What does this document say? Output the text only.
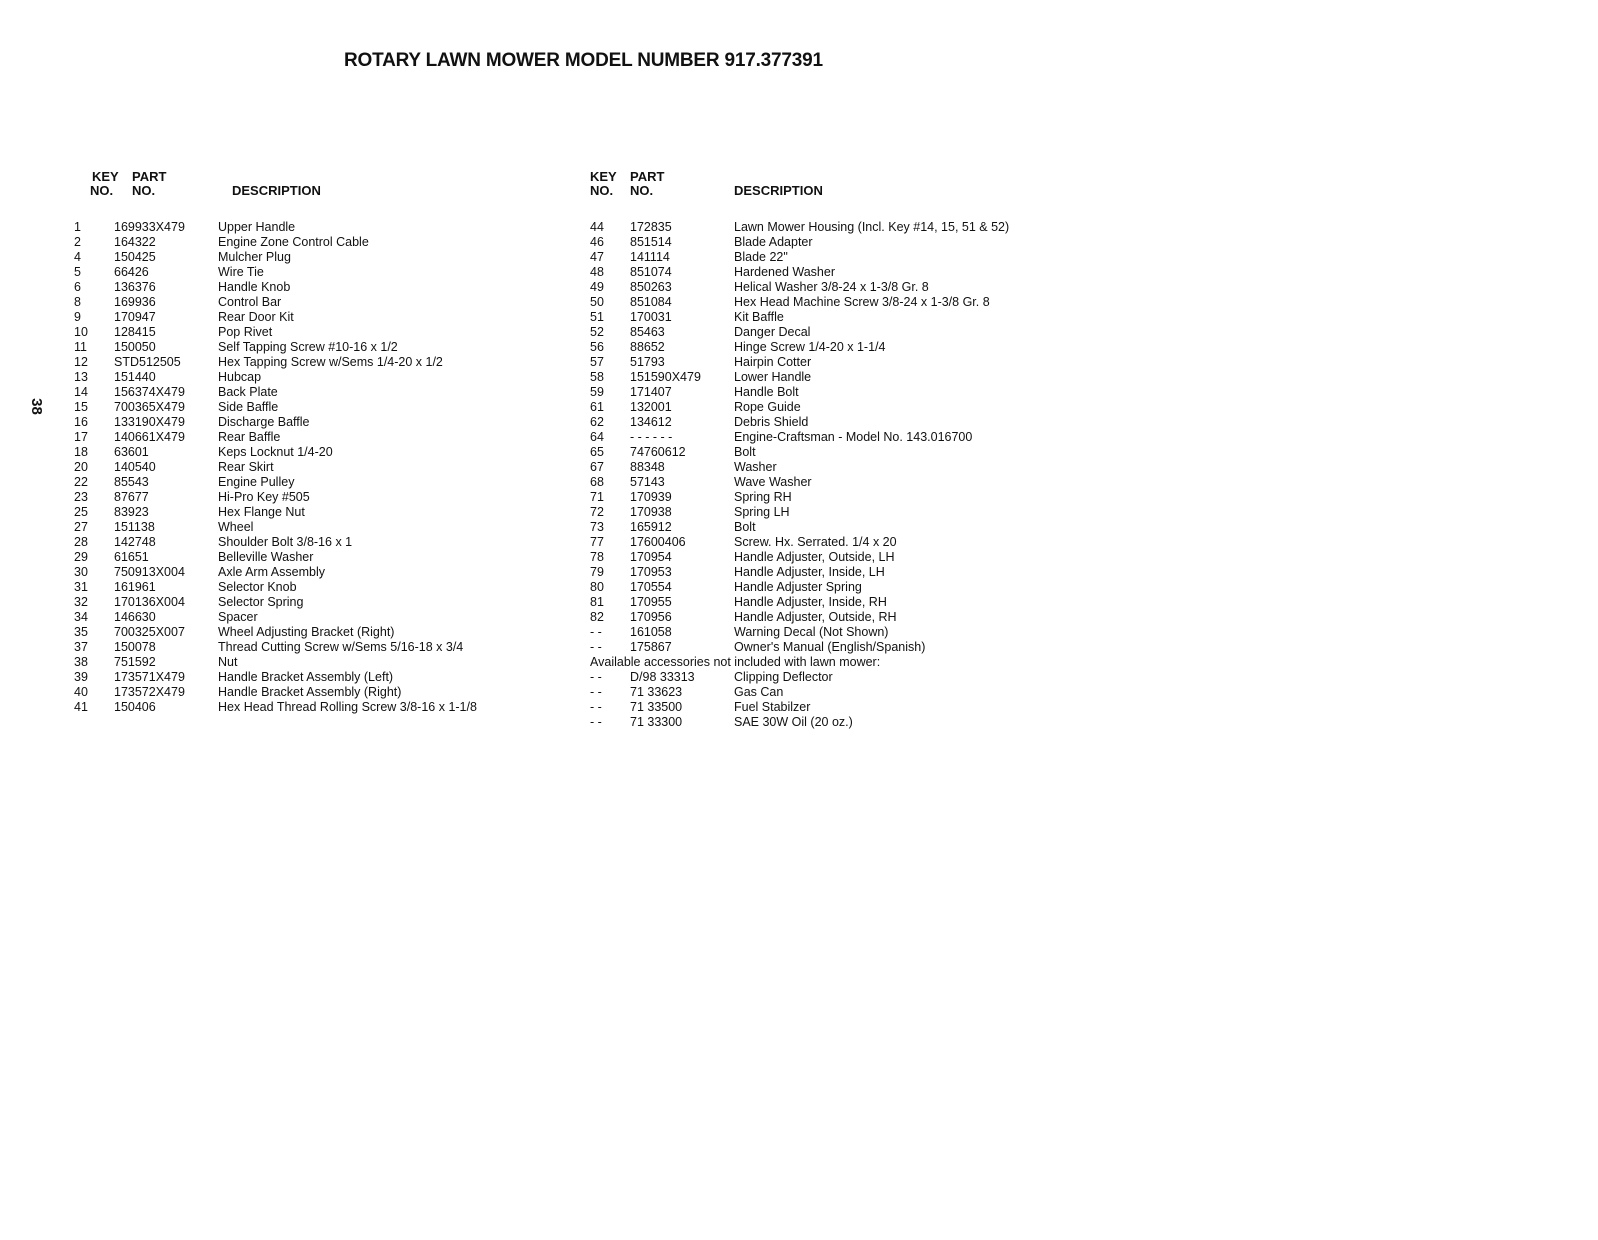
ROTARY LAWN MOWER MODEL NUMBER 917.377391
38
KEY
NO.
PART
NO.	DESCRIPTION
1	169933X479	Upper Handle
2	164322	Engine Zone Control Cable
4	150425	Mulcher Plug
5	66426	Wire Tie
6	136376	Handle Knob
8	169936	Control Bar
9	170947	Rear Door Kit
10 128415	Pop Rivet
11 150050	Self Tapping Screw #10-16 x 1/2
12 STD512505	Hex Tapping Screw w/Sems 1/4-20 x 1/2
13 151440	Hubcap
14 156374X479	Back Plate
15 700365X479	Side Baffle
16 133190X479	Discharge Baffle
17 140661X479	Rear Baffle
18 63601	Keps Locknut 1/4-20
20 140540	Rear Skirt
22 85543	Engine Pulley
23 87677	Hi-Pro Key #505
25 83923	Hex Flange Nut
27 151138	Wheel
28 142748	Shoulder Bolt 3/8-16 x 1
29 61651	Belleville Washer
30 750913X004	Axle Arm Assembly
31 161961	Selector Knob
32 170136X004	Selector Spring
34 146630	Spacer
35 700325X007	Wheel Adjusting Bracket (Right)
37 150078	Thread Cutting Screw w/Sems 5/16-18 x 3/4
38 751592	Nut
39 173571X479	Handle Bracket Assembly (Left)
40 173572X479	Handle Bracket Assembly (Right)
41 150406	Hex Head Thread Rolling Screw 3/8-16 x 1-1/8
KEY
NO.
PART
NO.	DESCRIPTION
44 172835	Lawn Mower Housing (Incl. Key #14, 15, 51 & 52)
46 851514	Blade Adapter
47 141114	Blade 22"
48 851074	Hardened Washer
49 850263	Helical Washer 3/8-24 x 1-3/8 Gr. 8
50 851084	Hex Head Machine Screw 3/8-24 x 1-3/8 Gr. 8
51 170031	Kit Baffle
52 85463	Danger Decal
56 88652	Hinge Screw 1/4-20 x 1-1/4
57 51793	Hairpin Cotter
58 151590X479	Lower Handle
59 171407	Handle Bolt
61 132001	Rope Guide
62 134612	Debris Shield
64 - - - - - -	Engine-Craftsman - Model No. 143.016700
65 74760612	Bolt
67 88348	Washer
68 57143	Wave Washer
71 170939	Spring RH
72 170938	Spring LH
73 165912	Bolt
77 17600406	Screw. Hx. Serrated. 1/4 x 20
78 170954	Handle Adjuster, Outside, LH
79 170953	Handle Adjuster, Inside, LH
80 170554	Handle Adjuster Spring
81 170955	Handle Adjuster, Inside, RH
82 170956	Handle Adjuster, Outside, RH
- - 161058	Warning Decal (Not Shown)
- - 175867	Owner's Manual (English/Spanish)
Available accessories not included with lawn mower:
- - D/98 33313	Clipping Deflector
- - 71 33623	Gas Can
- - 71 33500	Fuel Stabilzer
- - 71 33300	SAE 30W Oil (20 oz.)
